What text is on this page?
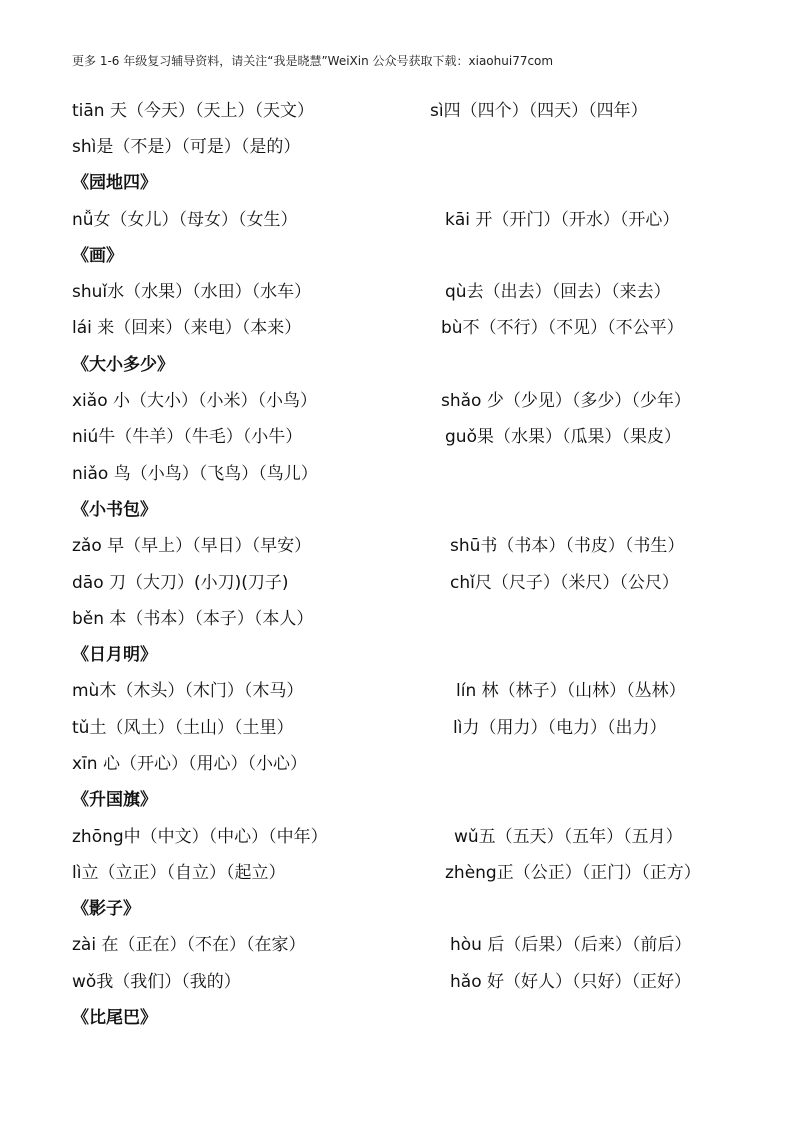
更多 1-6 年级复习辅导资料，请关注“我是晓慧”WeiXin 公众号获取下载：xiaohui77com
tiān 天（今天）（天上）（天文）	sì四（四个）（四天）（四年）
shì是（不是）（可是）（是的）
《园地四》
nǚ女（女儿）（母女）（女生）	kāi 开（开门）（开水）（开心）
《画》
shuǐ水（水果）（水田）（水车）	qù去（出去）（回去）（来去）
lái 来（回来）（来电）（本来）	bù不（不行）（不见）（不公平）
《大小多少》
xiǎo 小（大小）（小米）（小鸟）	shǎo 少（少见）（多少）（少年）
niú牛（牛羊）（牛毛）（小牛）	guǒ果（水果）（瓜果）（果皮）
niǎo 鸟（小鸟）（飞鸟）（鸟儿）
《小书包》
zǎo 早（早上）（早日）（早安）	shū书（书本）（书皮）（书生）
dāo 刀（大刀）(小刀)(刀子)	chǐ尺（尺子）（米尺）（公尺）
běn 本（书本）（本子）（本人）
《日月明》
mù木（木头）（木门）（木马）	lín 林（林子）（山林）（丛林）
tǔ土（风土）（土山）（土里）	lì力（用力）（电力）（出力）
xīn 心（开心）（用心）（小心）
《升国旗》
zhōng中（中文）（中心）（中年）	wǔ五（五天）（五年）（五月）
lì立（立正）（自立）（起立）	zhèng正（公正）（正门）（正方）
《影子》
zài 在（正在）（不在）（在家）	hòu 后（后果）（后来）（前后）
wǒ我（我们）（我的）	hǎo 好（好人）（只好）（正好）
《比尾巴》
